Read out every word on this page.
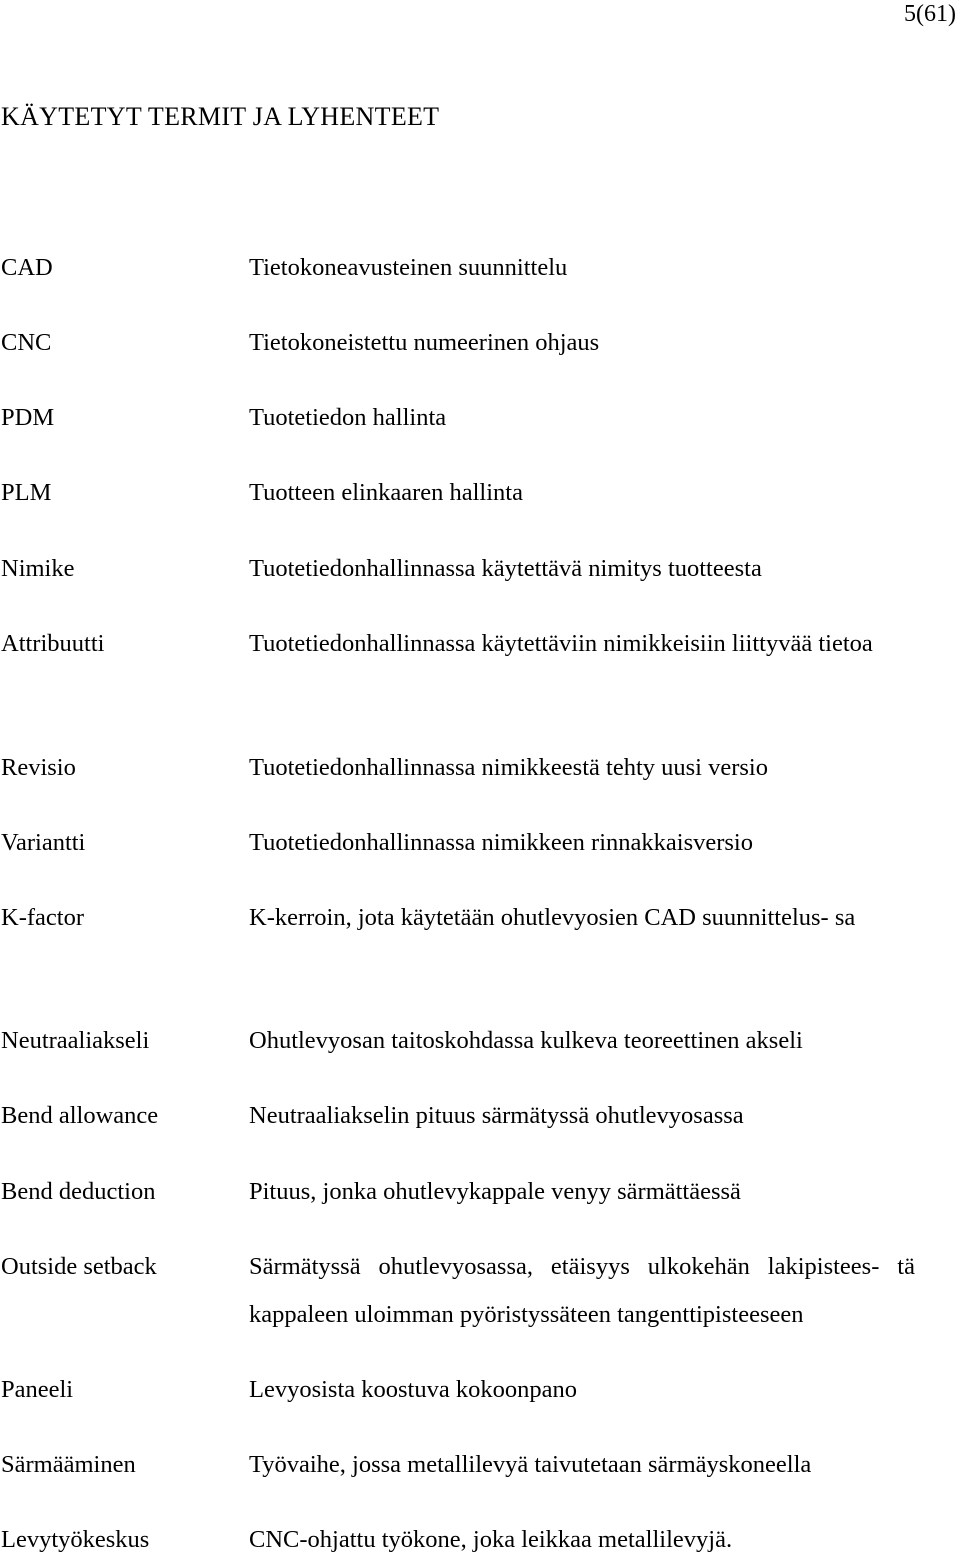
5(61)
KÄYTETYT TERMIT JA LYHENTEET
CAD	Tietokoneavusteinen suunnittelu
CNC	Tietokoneistettu numeerinen ohjaus
PDM	Tuotetiedon hallinta
PLM	Tuotteen elinkaaren hallinta
Nimike	Tuotetiedonhallinnassa käytettävä nimitys tuotteesta
Attribuutti	Tuotetiedonhallinnassa käytettäviin nimikkeisiin liittyvää tietoa
Revisio	Tuotetiedonhallinnassa nimikkeestä tehty uusi versio
Variantti	Tuotetiedonhallinnassa nimikkeen rinnakkaisversio
K-factor	K-kerroin, jota käytetään ohutlevyosien CAD suunnittelus- sa
Neutraaliakseli	Ohutlevyosan taitoskohdassa kulkeva teoreettinen akseli
Bend allowance	Neutraaliakselin pituus särmätyssä ohutlevyosassa
Bend deduction	Pituus, jonka ohutlevykappale venyy särmättäessä
Outside setback	Särmätyssä ohutlevyosassa, etäisyys ulkokehän lakipistees- tä kappaleen uloimman pyöristyssäteen tangenttipisteeseen
Paneeli	Levyosista koostuva kokoonpano
Särmääminen	Työvaihe, jossa metallilevyä taivutetaan särmäyskoneella
Levytyökeskus	CNC-ohjattu työkone, joka leikkaa metallilevyjä.
